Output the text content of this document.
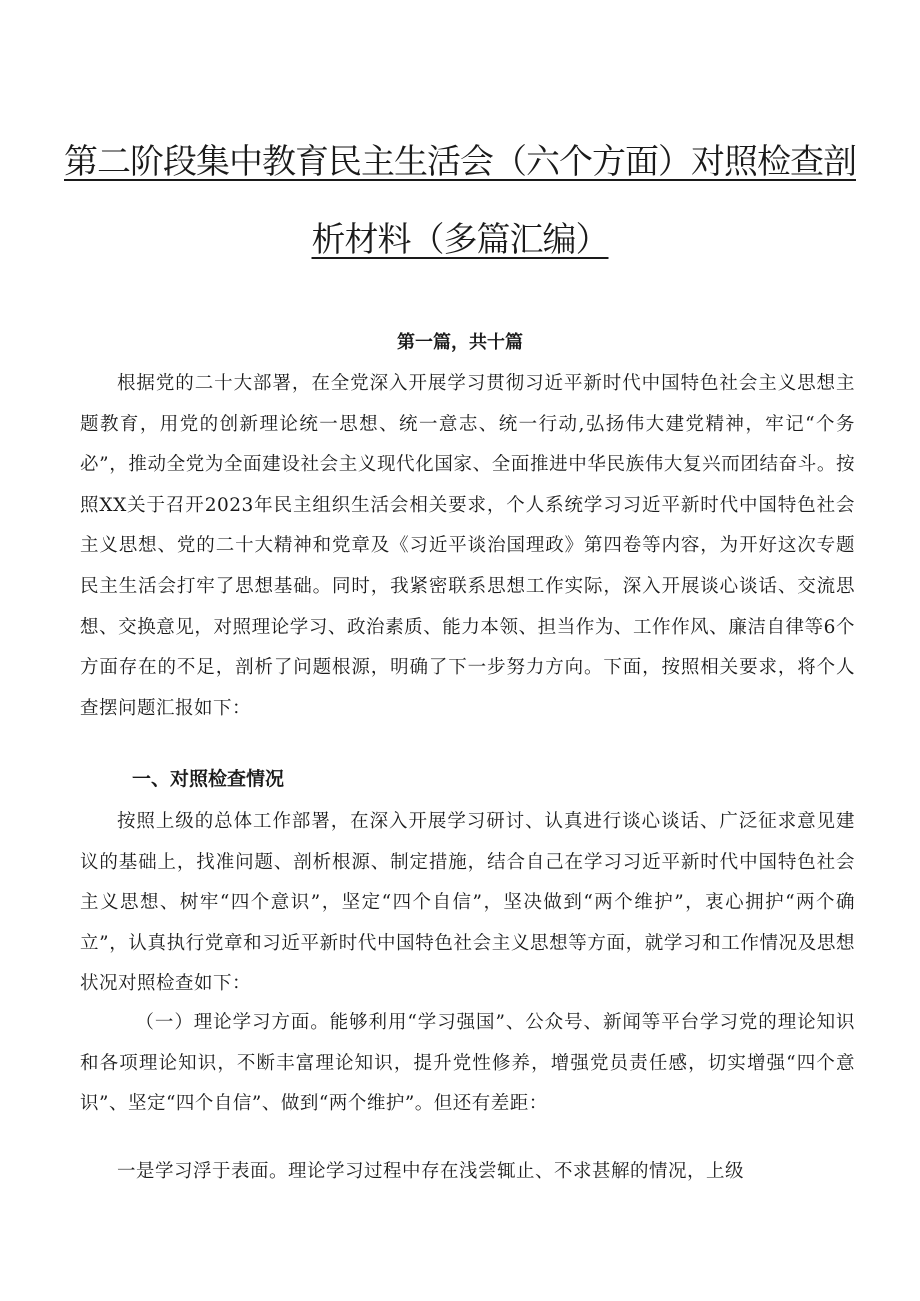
第二阶段集中教育民主生活会（六个方面）对照检查剖
析材料（多篇汇编）
第一篇，共十篇

根据党的二十大部署，在全党深入开展学习贯彻习近平新时代中国特色社会主义思想主题教育，用党的创新理论统一思想、统一意志、统一行动,弘扬伟大建党精神，牢记“个务必”，推动全党为全面建设社会主义现代化国家、全面推进中华民族伟大复兴而团结奋斗。按照XX关于召开2023年民主组织生活会相关要求，个人系统学习习近平新时代中国特色社会主义思想、党的二十大精神和党章及《习近平谈治国理政》第四卷等内容，为开好这次专题民主生活会打牢了思想基础。同时，我紧密联系思想工作实际，深入开展谈心谈话、交流思想、交换意见，对照理论学习、政治素质、能力本领、担当作为、工作作风、廉洁自律等6个方面存在的不足，剖析了问题根源，明确了下一步努力方向。下面，按照相关要求，将个人查摆问题汇报如下：

一、对照检查情况

按照上级的总体工作部署，在深入开展学习研讨、认真进行谈心谈话、广泛征求意见建议的基础上，找准问题、剖析根源、制定措施，结合自己在学习习近平新时代中国特色社会主义思想、树牢“四个意识”，坚定“四个自信”，坚决做到“两个维护”，衷心拥护“两个确立”，认真执行党章和习近平新时代中国特色社会主义思想等方面，就学习和工作情况及思想状况对照检查如下：

（一）理论学习方面。能够利用“学习强国”、公众号、新闻等平台学习党的理论知识和各项理论知识，不断丰富理论知识，提升党性修养，增强党员责任感，切实增强“四个意识”、坚定“四个自信”、做到“两个维护”。但还有差距：

一是学习浮于表面。理论学习过程中存在浅尝辄止、不求甚解的情况，上级
